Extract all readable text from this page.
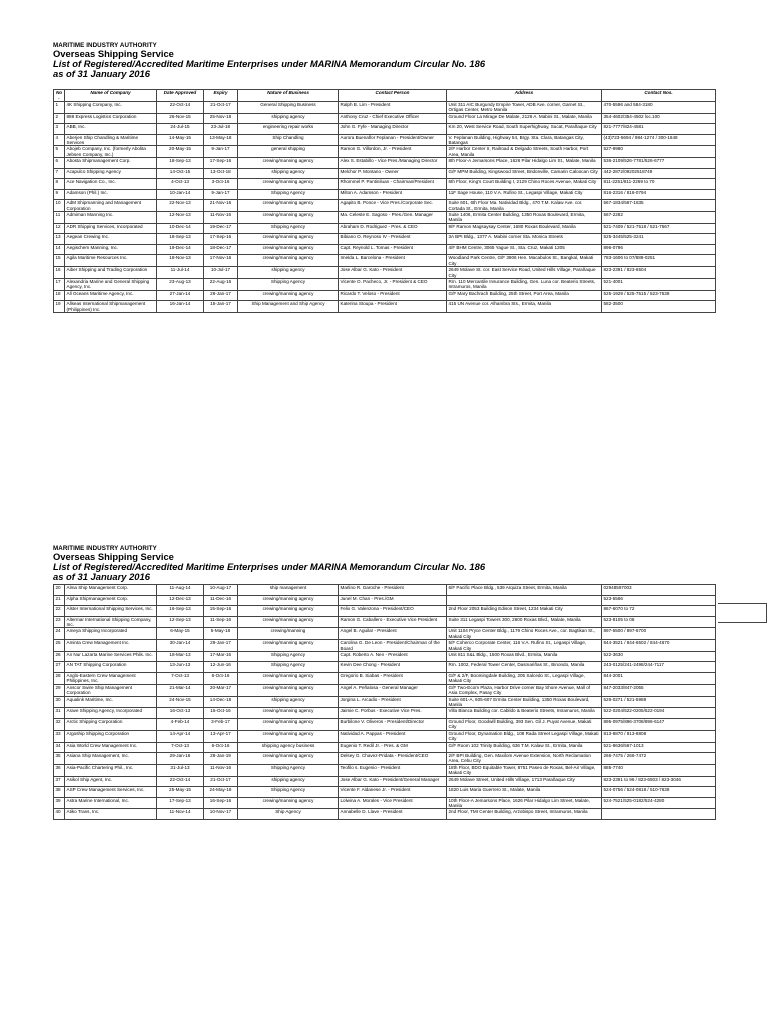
MARITIME INDUSTRY AUTHORITY
Overseas Shipping Service
List of Registered/Accredited Maritime Enterprises under MARINA Memorandum Circular No. 186
as of 31 January 2016
No.	Name of Company	Date Approved	Expiry	Nature of Business	Contact Person	Address	Contact Nos.
1	4K Shipping Company, Inc.	22-Oct-14	21-Oct-17	General Shipping Business	Ralph B. Lim - President	Unit 311 AIC Burgundy Empire Tower, ADB Ave. corner, Garnet St., Ortigas Center, Metro Manila	470-5596 and 584-3180
2	888 Express Logistics Corporation	26-Nov-15	25-Nov-18	shipping agency	Anthony Cruz - Chief Executive Officer	Ground Floor La Mirage De Malate, 2126 A. Mabini St., Malate, Manila	354-4602/354-4502 loc.100
3	ABB, Inc.	24-Jul-15	23-Jul-18	engineering repair works	John G. Fyfe - Managing Director	Km 20, West Service Road, South Superhighway, Sucat, Parañaque City	821-7777/824-4581
4	Aberjen Ship Chandling & Maritime Services	14-May-15	13-May-18	Ship Chandling	Aurora Buenaflor Feplanan - President/Owner	V. Feplanan Building, Highway 54, Brgy. Sta. Clara, Batangas City, Batangas	(43)723-5694 / 984-1274 / 300-1848
5	Abojeb Company, Inc. (formerly Abolita Jebsen Company, Inc.)	20-May-15	9-Jan-17	general shipping	Ramon G. Villordon, Jr. - President	2/F Harbor Center II, Railroad & Delgado Streets, South Harbor, Port Area, Manila	527-9980
6	Abosta Shipmanagement Corp.	18-Sep-13	17-Sep-16	crewing/manning agency	Alex S. Estabillo - Vice Pres./Managing Director	8th Floor-A Jemarsons Place, 1626 Pilar Hidalgo Lim St., Malate, Manila	536-2109/526-7781/526-6777
7	Acapulco Shipping Agency	14-Oct-15	13-Oct-18	shipping agency	Melchor P. Montano - Owner	G/F MPM Building, Kingswood Street, Bridonville, Camarin Caloocan City	442-2872/09202518749
8	Ace Navigation Co., Inc.	4-Oct-13	3-Oct-16	crewing/manning agency	Rhommel P. Pantiniluan - Chairman/President	6th Floor, King's Court Building I, 2129 Chino Roces Avenue, Makati City	811-2251/811-2269 to 70
9	Adamson (Phil.) Inc.	10-Jan-14	9-Jan-17	Shipping Agency	Milton A. Adamson - President	11F Sage House, 110 V.A. Rufino St., Legaspi Village, Makati City	816-2316 / 816-0794
10	AdM Shipmanning and Management Corporation	22-Nov-13	21-Nov-16	crewing/manning agency	Agapito B. Ponce - Vice Pres./Corporate Sec.	Suite 601, 6th Floor Ma. Natividad Bldg., 470 T.M. Kalaw Ave. cor. Cortada St., Ermita, Manila	567-1834/567-1835
11	Admiman Manning Inc.	12-Nov-13	11-Nov-16	crewing/manning agency	Ma. Celeste E. Sagoso - Pres./Gen. Manager	Suite 1406, Ermita Center Building, 1350 Roxas Boulevard, Ermita, Manila	567-2282
12	ADR Shipping Services, Incorporated	10-Dec-14	19-Dec-17	Shipping Agency	Abraham D. Rodriguez - Pres. & CEO	9/F Ramon Magsaysay Center, 1680 Roxas Boulevard, Manila	521-7409 / 521-7518 / 521-7567
13	Aegean Crewing Inc.	18-Sep-13	17-Sep-16	crewing/manning agency	Bibiano O. Reynoso IV - President	3A BPI Bldg., 1377 A. Mabini corner Sta. Monica Streets	525-3445/525-3241
14	Aegischem Manning, Inc.	19-Dec-14	18-Dec-17	crewing/manning agency	Capt. Reynold L. Tomas - President	4/F BHM Centre, 3065 Yague St., Sta. Cruz, Makati 1205	896-0796
15	Agila Maritime Resources Inc.	18-Nov-13	17-Nov-16	crewing/manning agency	Imelda L. Barcelona - President	Woodland Park Centre, G/F 3906 Hen. Macabulos St., Bangkal, Makati City	783-1606 to 07/889-0251
16	Aiber Shipping and Trading Corporation	11-Jul-14	10-Jul-17	shipping agency	Jose Albar G. Kato - President	2649 Molave St. cor. East Service Road, United Hills Village, Parañaque City	823-2391 / 823-6504
17	Alexandria Marine and General Shipping Agency, Inc.	23-Aug-13	22-Aug-16	Shipping Agency	Vicente O. Pacheco, Jr. - President & CEO	Rm. 110 Mercantile Insurance Building, Gen. Luna cor. Beaterio Streets, Intramuros, Manila	521-4001
18	All Oceans Maritime Agency, Inc.	27-Jan-14	26-Jan-17	crewing/manning agency	Ricardo T. Veloso - President	G/F Mary Bachrach Building, 25th Street, Port Area, Manila	525-1929 / 525-7515 / 523-7538
19	Allseas International Shipmanagement (Philippines) Inc.	16-Jan-14	15-Jan-17	Ship Management and Ship Agency	Katerina Stoupa - President	415 UN Avenue cor. Alhambra Sts., Ermita, Manila	582-3500
MARITIME INDUSTRY AUTHORITY
Overseas Shipping Service
List of Registered/Accredited Maritime Enterprises under MARINA Memorandum Circular No. 186
as of 31 January 2016
20	Alma Ship Management Corp.	11-Aug-14	10-Aug-17	ship management	Marlino R. Garoche - President	6/F Pacific Place Bldg., 539 Arquiza Street, Ermita, Manila	02948597003
21	Alpha Shipmanagement Corp.	12-Dec-13	11-Dec-16	crewing/manning agency	Junel M. Chan - Pres./GM		523-5566
22	Alster International Shipping Services, Inc.	16-Sep-13	15-Sep-16	crewing/manning agency	Felix G. Valenzona - President/CEO	2nd Floor 2053 Building Edison Street, 1234 Makati City	867-6070 to 72
23	Altermar International Shipping Company, Inc.	12-Sep-13	11-Sep-16	crewing/manning agency	Ramon G. Caballero - Executive Vice President	Suite 311 Legaspi Towers 300, 2600 Roxas Blvd., Malate, Manila	523-8105 to 08
24	Ameya Shipping Incorporated	6-May-15	5-May-18	crewing/manning	Angel B. Aguilar - President	Unit 1104 Pryce Center Bldg., 1179 Chino Roces Ave., cor. Bagtikan St., Makati City	897-5500 / 897-6700
25	Aminta Crew Management Inc.	30-Jan-14	29-Jan-17	crewing/manning agency	Carolina G. De Leon - President/Chairman of the Board	5/F Coherco Corporate Center, 116 V.A. Rufino St., Legaspi Village, Makati City	844-3521 / 844-6502 / 844-4670
26	An Nur Lazarta Marine Services Phils. Inc.	18-Mar-13	17-Mar-16	Shipping Agency	Capt. Roberto A. Nen - President	Unit 811 S&L Bldg., 1500 Roxas Blvd., Ermita, Manila	522-3630
27	AN TAT Shipping Corporation	13-Jun-13	12-Jun-16	Shipping Agency	Kevin Dee Chong - President	Rm. 1002, Federal Tower Center, Dasmariñas St., Binondo, Manila	243-0125/241-2498/244-7117
28	Anglo-Eastern Crew Management Philippines, Inc.	7-Oct-13	6-Oct-16	crewing/manning agency	Gregorio B. Siabas - President	G/F & 2/F, Boomingdale Building, 205 Salcedo St., Legaspi Village, Makati City	844-2001
29	Anscor Swire Ship Management Corporation	21-Mar-14	20-Mar-17	crewing/manning agency	Angel A. Peñalosa - General Manager	G/F Two-Ecom Plaza, Harbor Drive corner Bay Shore Avenue, Mall of Asia Complex, Pasay City	847-2033/847-2055
30	Aqualink Maritime, Inc.	24-Nov-15	14-Dec-18	shipping agency	Jorgina L. Arcadio - President	Suite 601-A, 605-607 Ermita Center Building, 1350 Roxas Boulevard, Manila	526-0271 / 521-5988
31	Arave Shipping Agency, Incorporated	16-Oct-13	15-Oct-16	crewing/manning agency	Jaimie C. Porbus - Executive Vice Pres.	Villa Blanca Building cor. Cabildo & Beaterio Streets, Intramuros, Manila	522-0204/522-0205/522-0194
32	Arctic Shipping Corporation	4-Feb-14	3-Feb-17	crewing/manning agency	Burbilone V. Oliveros - President/Director	Ground Floor, Goodwill Building, 393 Sen. Gil J. Puyat Avenue, Makati City	895-0975/896-3708/896-6147
33	Argoship Shipping Corporation	14-Apr-14	13-Apr-17	crewing/manning agency	Natividad A. Pappas - President	Ground Floor, Dynamation Bldg., 108 Rada Street Legaspi Village, Makati City	813-8870 / 813-8808
34	Asia World Crew Management Inc.	7-Oct-13	6-Oct-16	shipping agency business	Eugenio T. Redil Jr. - Pres. & GM	G/F Room 102 Trinity Building, 636 T.M. Kalaw St., Ermita, Manila	521-8636/567-1013
35	Asiana Ship Management, Inc.	29-Jan-16	28-Jan-19	crewing/manning agency	Delsey G. Chavez-Pridata - President/CEO	2/F BPI Building, Gen. Maxilom Avenue Extension, North Reclamation Area, Cebu City	266-7475 / 266-7472
36	Asia-Pacific Chartering Phil., Inc.	31-Jul-13	11-Nov-16	Shipping Agency	Teofilo s. Eugenio - President	18th Floor, BDO Equitable Tower, 8751 Paseo de Roxas, Bel-Air Village, Makati City	885-7740
37	Asikol Ship Agent, Inc.	22-Oct-14	21-Oct-17	shipping agency	Jose Albar G. Kato - President/General Manager	2649 Molave Street, United Hills Village, 1713 Parañaque City	823-2391 to 96 / 823-6503 / 823-3046
38	ASP Crew Management Services, Inc.	25-May-15	24-May-18	Shipping Agency	Vicente F. Aldanese Jr. - President	1820 Luis Maria Guerrero St., Malate, Manila	524-0756 / 524-0818 / 510-7638
39	Astra Marine International, Inc.	17-Sep-13	16-Sep-16	crewing/manning agency	Lolwina A. Morales - Vice President	10th Floor-A Jemarsons Place, 1626 Pilar Hidalgo Lim Street, Malate, Manila	524-7521/525-0182/524-4280
40	Atiko Trans, Inc.	11-Nov-14	10-Nov-17	Ship Agency	Annabelle D. Llave - President	2nd Floor, TMI Center Building, Arzobispo Street, Intramuros, Manila	
